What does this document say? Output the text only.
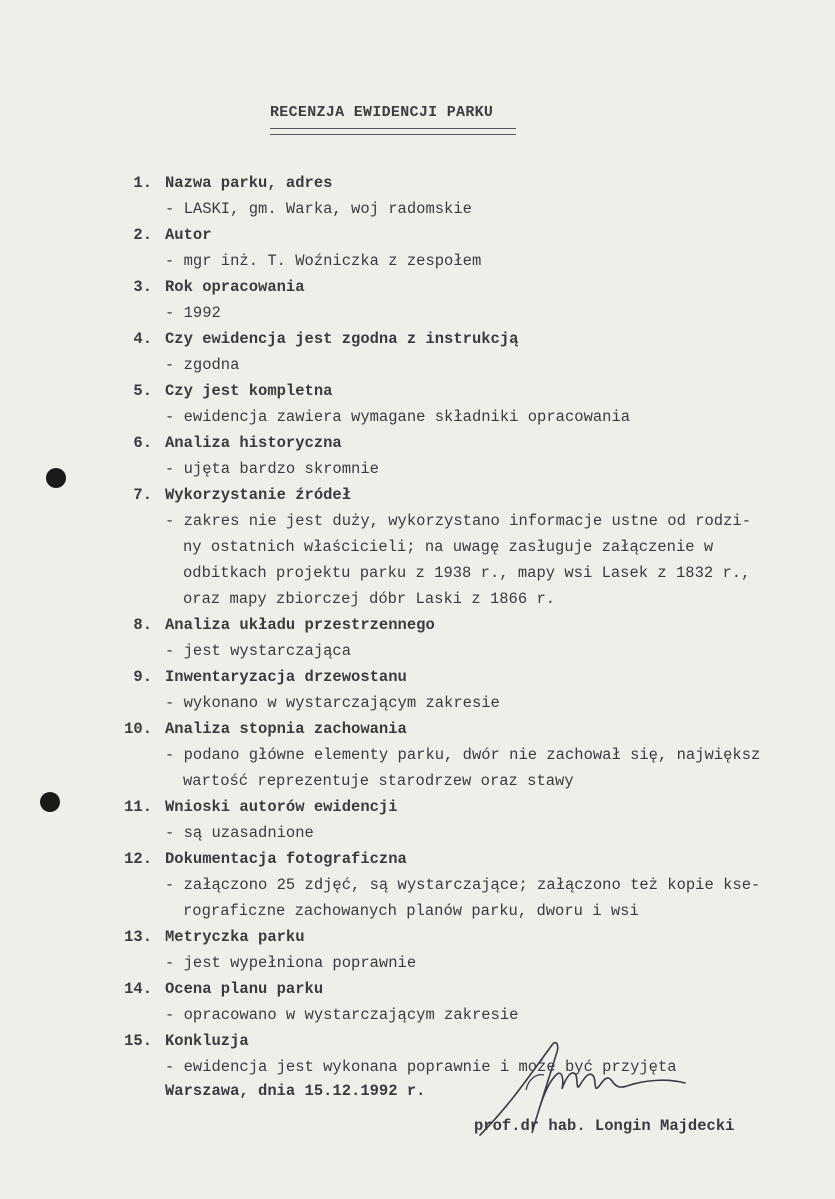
RECENZJA EWIDENCJI PARKU
1. Nazwa parku, adres
- LASKI, gm. Warka, woj radomskie
2. Autor
- mgr inż. T. Woźniczka z zespołem
3. Rok opracowania
- 1992
4. Czy ewidencja jest zgodna z instrukcją
- zgodna
5. Czy jest kompletna
- ewidencja zawiera wymagane składniki opracowania
6. Analiza historyczna
- ujęta bardzo skromnie
7. Wykorzystanie źródeł
- zakres nie jest duży, wykorzystano informacje ustne od rodzi-
ny ostatnich właścicieli; na uwagę zasługuje załączenie w
odbitkach projektu parku z 1938 r., mapy wsi Lasek z 1832 r.,
oraz mapy zbiorczej dóbr Laski z 1866 r.
8. Analiza układu przestrzennego
- jest wystarczająca
9. Inwentaryzacja drzewostanu
- wykonano w wystarczającym zakresie
10. Analiza stopnia zachowania
- podano główne elementy parku, dwór nie zachował się, największ
wartość reprezentuje starodrzew oraz stawy
11. Wnioski autorów ewidencji
- są uzasadnione
12. Dokumentacja fotograficzna
- załączono 25 zdjęć, są wystarczające; załączono też kopie kse-
rograficzne zachowanych planów parku, dworu i wsi
13. Metryczka parku
- jest wypełniona poprawnie
14. Ocena planu parku
- opracowano w wystarczającym zakresie
15. Konkluzja
- ewidencja jest wykonana poprawnie i może być przyjęta
Warszawa, dnia 15.12.1992 r.
prof.dr hab. Longin Majdecki
